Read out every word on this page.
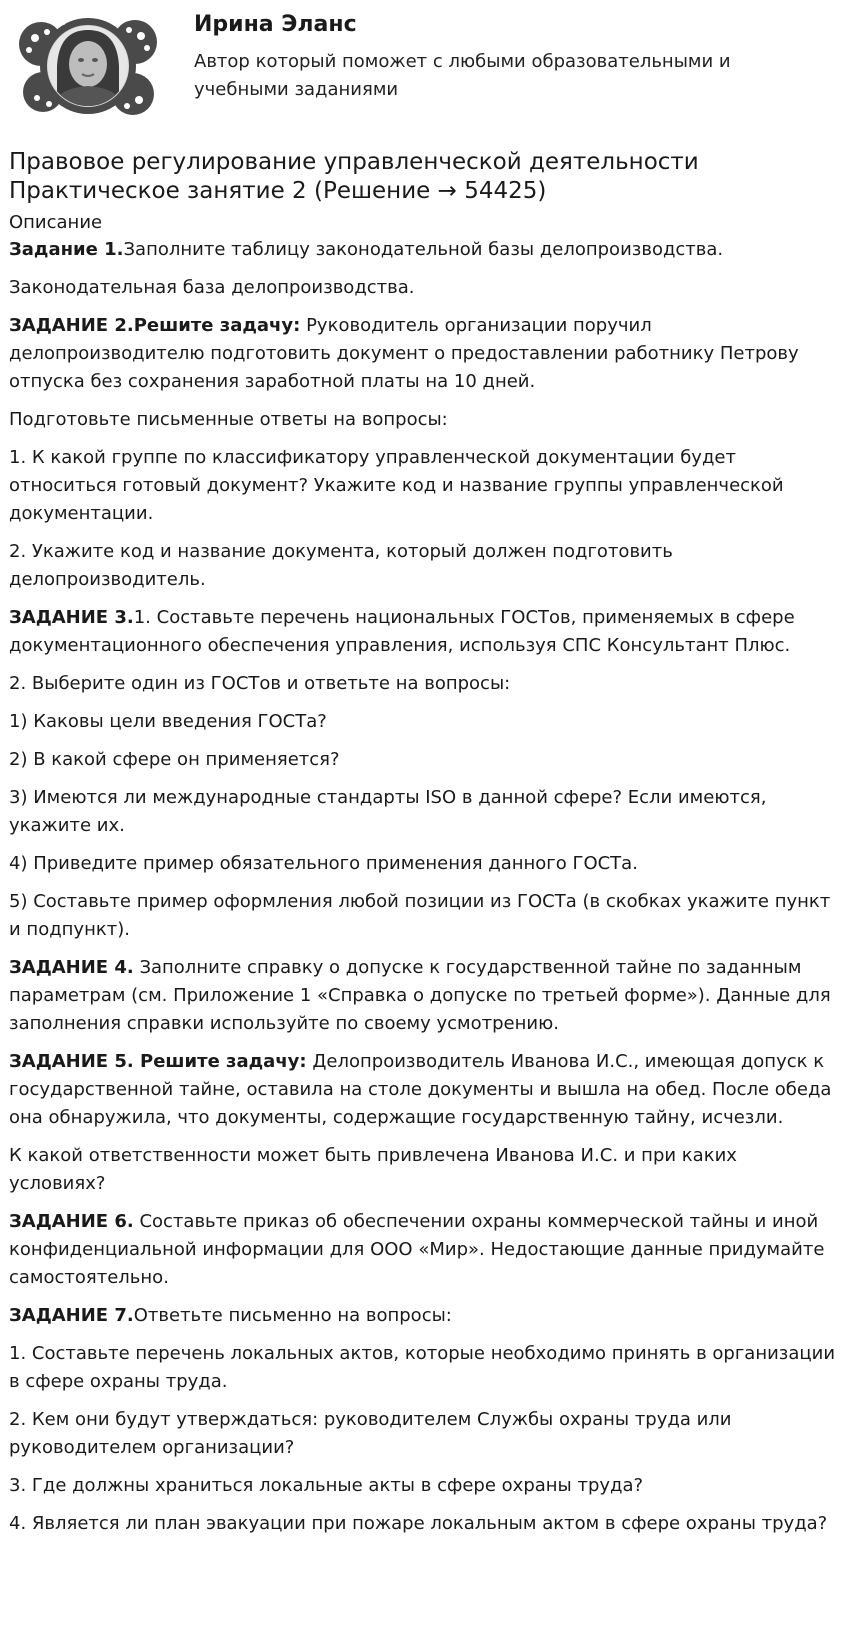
Ирина Эланс

Автор который поможет с любыми образовательными и учебными заданиями

Правовое регулирование управленческой деятельности
Практическое занятие 2 (Решение → 54425)
Описание

Задание 1.Заполните таблицу законодательной базы делопроизводства.

Законодательная база делопроизводства.

ЗАДАНИЕ 2.Решите задачу: Руководитель организации поручил делопроизводителю подготовить документ о предоставлении работнику Петрову отпуска без сохранения заработной платы на 10 дней.

Подготовьте письменные ответы на вопросы:

1. К какой группе по классификатору управленческой документации будет относиться готовый документ? Укажите код и название группы управленческой документации.

2. Укажите код и название документа, который должен подготовить делопроизводитель.

ЗАДАНИЕ 3.1. Составьте перечень национальных ГОСТов, применяемых в сфере документационного обеспечения управления, используя СПС Консультант Плюс.

2. Выберите один из ГОСТов и ответьте на вопросы:

1) Каковы цели введения ГОСТа?

2) В какой сфере он применяется?

3) Имеются ли международные стандарты ISO в данной сфере? Если имеются, укажите их.

4) Приведите пример обязательного применения данного ГОСТа.

5) Составьте пример оформления любой позиции из ГОСТа (в скобках укажите пункт и подпункт).

ЗАДАНИЕ 4. Заполните справку о допуске к государственной тайне по заданным параметрам (см. Приложение 1 «Справка о допуске по третьей форме»). Данные для заполнения справки используйте по своему усмотрению.

ЗАДАНИЕ 5. Решите задачу: Делопроизводитель Иванова И.С., имеющая допуск к государственной тайне, оставила на столе документы и вышла на обед. После обеда она обнаружила, что документы, содержащие государственную тайну, исчезли.

К какой ответственности может быть привлечена Иванова И.С. и при каких условиях?

ЗАДАНИЕ 6. Составьте приказ об обеспечении охраны коммерческой тайны и иной конфиденциальной информации для ООО «Мир». Недостающие данные придумайте самостоятельно.

ЗАДАНИЕ 7.Ответьте письменно на вопросы:

1. Составьте перечень локальных актов, которые необходимо принять в организации в сфере охраны труда.

2. Кем они будут утверждаться: руководителем Службы охраны труда или руководителем организации?

3. Где должны храниться локальные акты в сфере охраны труда?

4. Является ли план эвакуации при пожаре локальным актом в сфере охраны труда?
